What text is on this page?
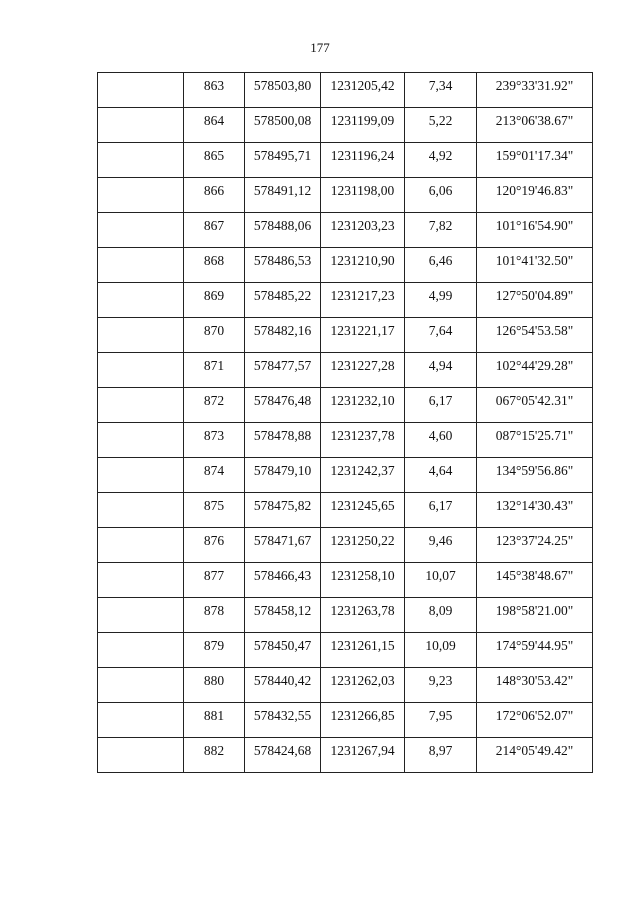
177
	863	578503,80	1231205,42	7,34	239°33'31.92"
	864	578500,08	1231199,09	5,22	213°06'38.67"
	865	578495,71	1231196,24	4,92	159°01'17.34"
	866	578491,12	1231198,00	6,06	120°19'46.83"
	867	578488,06	1231203,23	7,82	101°16'54.90"
	868	578486,53	1231210,90	6,46	101°41'32.50"
	869	578485,22	1231217,23	4,99	127°50'04.89"
	870	578482,16	1231221,17	7,64	126°54'53.58"
	871	578477,57	1231227,28	4,94	102°44'29.28"
	872	578476,48	1231232,10	6,17	067°05'42.31"
	873	578478,88	1231237,78	4,60	087°15'25.71"
	874	578479,10	1231242,37	4,64	134°59'56.86"
	875	578475,82	1231245,65	6,17	132°14'30.43"
	876	578471,67	1231250,22	9,46	123°37'24.25"
	877	578466,43	1231258,10	10,07	145°38'48.67"
	878	578458,12	1231263,78	8,09	198°58'21.00"
	879	578450,47	1231261,15	10,09	174°59'44.95"
	880	578440,42	1231262,03	9,23	148°30'53.42"
	881	578432,55	1231266,85	7,95	172°06'52.07"
	882	578424,68	1231267,94	8,97	214°05'49.42"
